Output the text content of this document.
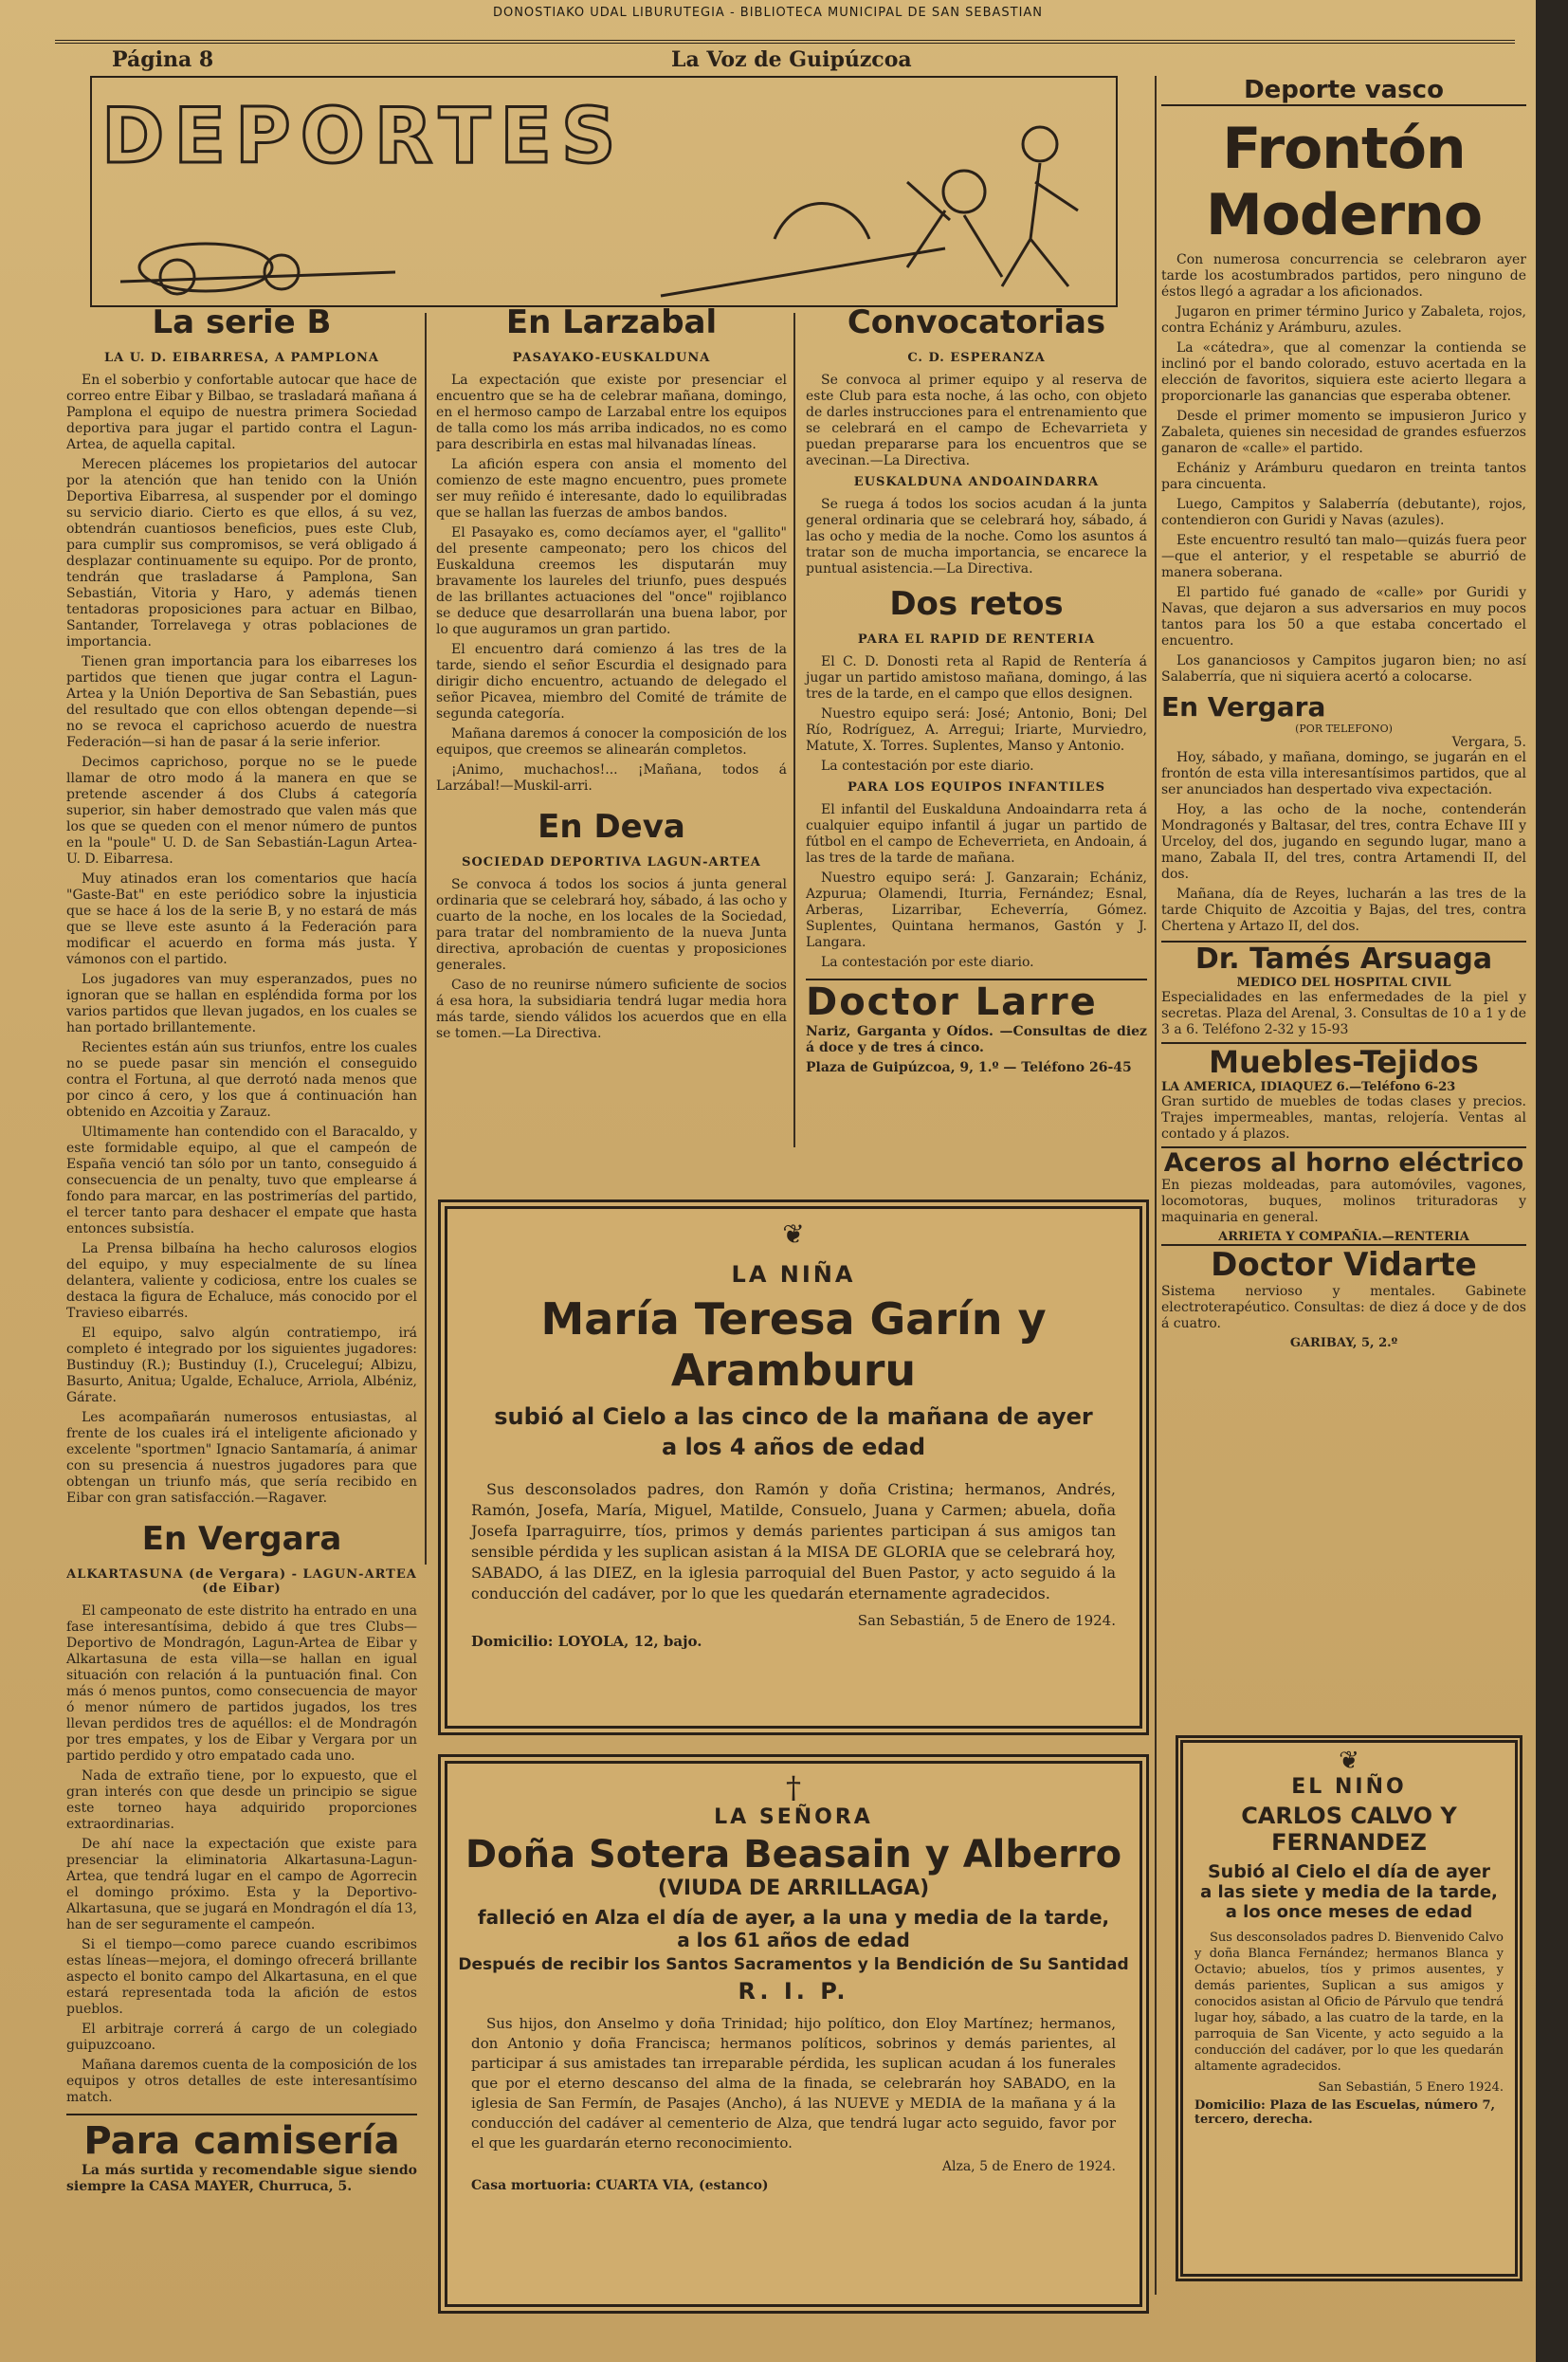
DONOSTIAKO UDAL LIBURUTEGIA - BIBLIOTECA MUNICIPAL DE SAN SEBASTIAN
Página 8	La Voz de Guipúzcoa
DEPORTES
La serie B
LA U. D. EIBARRESA, A PAMPLONA

En el soberbio y confortable autocar que hace de correo entre Eibar y Bilbao, se trasladará mañana á Pamplona el equipo de nuestra primera Sociedad deportiva para jugar el partido contra el Lagun-Artea, de aquella capital.

Merecen plácemes los propietarios del autocar por la atención que han tenido con la Unión Deportiva Eibarresa, al suspender por el domingo su servicio diario. Cierto es que ellos, á su vez, obtendrán cuantiosos beneficios, pues este Club, para cumplir sus compromisos, se verá obligado á desplazar continuamente su equipo. Por de pronto, tendrán que trasladarse á Pamplona, San Sebastián, Vitoria y Haro, y además tienen tentadoras proposiciones para actuar en Bilbao, Santander, Torrelavega y otras poblaciones de importancia.

Tienen gran importancia para los eibarreses los partidos que tienen que jugar contra el Lagun-Artea y la Unión Deportiva de San Sebastián, pues del resultado que con ellos obtengan depende—si no se revoca el caprichoso acuerdo de nuestra Federación—si han de pasar á la serie inferior.

Decimos caprichoso, porque no se le puede llamar de otro modo á la manera en que se pretende ascender á dos Clubs á categoría superior, sin haber demostrado que valen más que los que se queden con el menor número de puntos en la "poule" U. D. de San Sebastián-Lagun Artea-U. D. Eibarresa.

Muy atinados eran los comentarios que hacía "Gaste-Bat" en este periódico sobre la injusticia que se hace á los de la serie B, y no estará de más que se lleve este asunto á la Federación para modificar el acuerdo en forma más justa. Y vámonos con el partido.

Los jugadores van muy esperanzados, pues no ignoran que se hallan en espléndida forma por los varios partidos que llevan jugados, en los cuales se han portado brillantemente.

Recientes están aún sus triunfos, entre los cuales no se puede pasar sin mención el conseguido contra el Fortuna, al que derrotó nada menos que por cinco á cero, y los que á continuación han obtenido en Azcoitia y Zarauz.

Ultimamente han contendido con el Baracaldo, y este formidable equipo, al que el campeón de España venció tan sólo por un tanto, conseguido á consecuencia de un penalty, tuvo que emplearse á fondo para marcar, en las postrimerías del partido, el tercer tanto para deshacer el empate que hasta entonces subsistía.

La Prensa bilbaína ha hecho calurosos elogios del equipo, y muy especialmente de su línea delantera, valiente y codiciosa, entre los cuales se destaca la figura de Echaluce, más conocido por el Travieso eibarrés.

El equipo, salvo algún contratiempo, irá completo é integrado por los siguientes jugadores: Bustinduy (R.); Bustinduy (I.), Cruceleguí; Albizu, Basurto, Anitua; Ugalde, Echaluce, Arriola, Albéniz, Gárate.

Les acompañarán numerosos entusiastas, al frente de los cuales irá el inteligente aficionado y excelente "sportmen" Ignacio Santamaría, á animar con su presencia á nuestros jugadores para que obtengan un triunfo más, que sería recibido en Eibar con gran satisfacción.—Ragaver.

En Vergara
ALKARTASUNA (de Vergara) - LAGUN-ARTEA (de Eibar)

El campeonato de este distrito ha entrado en una fase interesantísima, debido á que tres Clubs—Deportivo de Mondragón, Lagun-Artea de Eibar y Alkartasuna de esta villa—se hallan en igual situación con relación á la puntuación final. Con más ó menos puntos, como consecuencia de mayor ó menor número de partidos jugados, los tres llevan perdidos tres de aquéllos: el de Mondragón por tres empates, y los de Eibar y Vergara por un partido perdido y otro empatado cada uno.

Nada de extraño tiene, por lo expuesto, que el gran interés con que desde un principio se sigue este torneo haya adquirido proporciones extraordinarias.

De ahí nace la expectación que existe para presenciar la eliminatoria Alkartasuna-Lagun-Artea, que tendrá lugar en el campo de Agorrecin el domingo próximo. Esta y la Deportivo-Alkartasuna, que se jugará en Mondragón el día 13, han de ser seguramente el campeón.

Si el tiempo—como parece cuando escribimos estas líneas—mejora, el domingo ofrecerá brillante aspecto el bonito campo del Alkartasuna, en el que estará representada toda la afición de estos pueblos.

El arbitraje correrá á cargo de un colegiado guipuzcoano.

Mañana daremos cuenta de la composición de los equipos y otros detalles de este interesantísimo match.

Para camisería

La más surtida y recomendable sigue siendo siempre la CASA MAYER, Churruca, 5.

En Larzabal
PASAYAKO-EUSKALDUNA

La expectación que existe por presenciar el encuentro que se ha de celebrar mañana, domingo, en el hermoso campo de Larzabal entre los equipos de talla como los más arriba indicados, no es como para describirla en estas mal hilvanadas líneas.

La afición espera con ansia el momento del comienzo de este magno encuentro, pues promete ser muy reñido é interesante, dado lo equilibradas que se hallan las fuerzas de ambos bandos.

El Pasayako es, como decíamos ayer, el "gallito" del presente campeonato; pero los chicos del Euskalduna creemos les disputarán muy bravamente los laureles del triunfo, pues después de las brillantes actuaciones del "once" rojiblanco se deduce que desarrollarán una buena labor, por lo que auguramos un gran partido.

El encuentro dará comienzo á las tres de la tarde, siendo el señor Escurdia el designado para dirigir dicho encuentro, actuando de delegado el señor Picavea, miembro del Comité de trámite de segunda categoría.

Mañana daremos á conocer la composición de los equipos, que creemos se alinearán completos.

¡Animo, muchachos!... ¡Mañana, todos á Larzábal!—Muskil-arri.

En Deva
SOCIEDAD DEPORTIVA LAGUN-ARTEA

Se convoca á todos los socios á junta general ordinaria que se celebrará hoy, sábado, á las ocho y cuarto de la noche, en los locales de la Sociedad, para tratar del nombramiento de la nueva Junta directiva, aprobación de cuentas y proposiciones generales.

Caso de no reunirse número suficiente de socios á esa hora, la subsidiaria tendrá lugar media hora más tarde, siendo válidos los acuerdos que en ella se tomen.—La Directiva.

Convocatorias
C. D. ESPERANZA

Se convoca al primer equipo y al reserva de este Club para esta noche, á las ocho, con objeto de darles instrucciones para el entrenamiento que se celebrará en el campo de Echevarrieta y puedan prepararse para los encuentros que se avecinan.—La Directiva.

EUSKALDUNA ANDOAINDARRA

Se ruega á todos los socios acudan á la junta general ordinaria que se celebrará hoy, sábado, á las ocho y media de la noche. Como los asuntos á tratar son de mucha importancia, se encarece la puntual asistencia.—La Directiva.

Dos retos
PARA EL RAPID DE RENTERIA

El C. D. Donosti reta al Rapid de Rentería á jugar un partido amistoso mañana, domingo, á las tres de la tarde, en el campo que ellos designen.

Nuestro equipo será: José; Antonio, Boni; Del Río, Rodríguez, A. Arregui; Iriarte, Murviedro, Matute, X. Torres. Suplentes, Manso y Antonio.

La contestación por este diario.

PARA LOS EQUIPOS INFANTILES

El infantil del Euskalduna Andoaindarra reta á cualquier equipo infantil á jugar un partido de fútbol en el campo de Echeverrieta, en Andoain, á las tres de la tarde de mañana.

Nuestro equipo será: J. Ganzarain; Echániz, Azpurua; Olamendi, Iturria, Fernández; Esnal, Arberas, Lizarribar, Echeverría, Gómez. Suplentes, Quintana hermanos, Gastón y J. Langara.

La contestación por este diario.

Doctor Larre

Nariz, Garganta y Oídos. —Consultas de diez á doce y de tres á cinco.

Plaza de Guipúzcoa, 9, 1.º — Teléfono 26-45

❦
LA NIÑA
María Teresa Garín y Aramburu
subió al Cielo a las cinco de la mañana de ayer
a los 4 años de edad

Sus desconsolados padres, don Ramón y doña Cristina; hermanos, Andrés, Ramón, Josefa, María, Miguel, Matilde, Consuelo, Juana y Carmen; abuela, doña Josefa Iparraguirre, tíos, primos y demás parientes participan á sus amigos tan sensible pérdida y les suplican asistan á la MISA DE GLORIA que se celebrará hoy, SABADO, á las DIEZ, en la iglesia parroquial del Buen Pastor, y acto seguido á la conducción del cadáver, por lo que les quedarán eternamente agradecidos.

San Sebastián, 5 de Enero de 1924.
Domicilio: LOYOLA, 12, bajo.
†
LA SEÑORA
Doña Sotera Beasain y Alberro
(VIUDA DE ARRILLAGA)
falleció en Alza el día de ayer, a la una y media de la tarde,
a los 61 años de edad
Después de recibir los Santos Sacramentos y la Bendición de Su Santidad
R. I. P.

Sus hijos, don Anselmo y doña Trinidad; hijo político, don Eloy Martínez; hermanos, don Antonio y doña Francisca; hermanos políticos, sobrinos y demás parientes, al participar á sus amistades tan irreparable pérdida, les suplican acudan á los funerales que por el eterno descanso del alma de la finada, se celebrarán hoy SABADO, en la iglesia de San Fermín, de Pasajes (Ancho), á las NUEVE y MEDIA de la mañana y á la conducción del cadáver al cementerio de Alza, que tendrá lugar acto seguido, favor por el que les guardarán eterno reconocimiento.

Alza, 5 de Enero de 1924.
Casa mortuoria: CUARTA VIA, (estanco)
Deporte vasco
Frontón Moderno

Con numerosa concurrencia se celebraron ayer tarde los acostumbrados partidos, pero ninguno de éstos llegó a agradar a los aficionados.

Jugaron en primer término Jurico y Zabaleta, rojos, contra Echániz y Arámburu, azules.

La «cátedra», que al comenzar la contienda se inclinó por el bando colorado, estuvo acertada en la elección de favoritos, siquiera este acierto llegara a proporcionarle las ganancias que esperaba obtener.

Desde el primer momento se impusieron Jurico y Zabaleta, quienes sin necesidad de grandes esfuerzos ganaron de «calle» el partido.

Echániz y Arámburu quedaron en treinta tantos para cincuenta.

Luego, Campitos y Salaberría (debutante), rojos, contendieron con Guridi y Navas (azules).

Este encuentro resultó tan malo—quizás fuera peor—que el anterior, y el respetable se aburrió de manera soberana.

El partido fué ganado de «calle» por Guridi y Navas, que dejaron a sus adversarios en muy pocos tantos para los 50 a que estaba concertado el encuentro.

Los gananciosos y Campitos jugaron bien; no así Salaberría, que ni siquiera acertó a colocarse.

En Vergara
(POR TELEFONO)
Vergara, 5.

Hoy, sábado, y mañana, domingo, se jugarán en el frontón de esta villa interesantísimos partidos, que al ser anunciados han despertado viva expectación.

Hoy, a las ocho de la noche, contenderán Mondragonés y Baltasar, del tres, contra Echave III y Urceloy, del dos, jugando en segundo lugar, mano a mano, Zabala II, del tres, contra Artamendi II, del dos.

Mañana, día de Reyes, lucharán a las tres de la tarde Chiquito de Azcoitia y Bajas, del tres, contra Chertena y Artazo II, del dos.

Dr. Tamés Arsuaga
MEDICO DEL HOSPITAL CIVIL

Especialidades en las enfermedades de la piel y secretas. Plaza del Arenal, 3. Consultas de 10 a 1 y de 3 a 6. Teléfono 2-32 y 15-93

Muebles-Tejidos
LA AMERICA, IDIAQUEZ 6.—Teléfono 6-23

Gran surtido de muebles de todas clases y precios. Trajes impermeables, mantas, relojería. Ventas al contado y á plazos.

Aceros al horno eléctrico

En piezas moldeadas, para automóviles, vagones, locomotoras, buques, molinos trituradoras y maquinaria en general.

ARRIETA Y COMPAÑIA.—RENTERIA
Doctor Vidarte

Sistema nervioso y mentales. Gabinete electroterapéutico. Consultas: de diez á doce y de dos á cuatro.

GARIBAY, 5, 2.º
❦
EL NIÑO
CARLOS CALVO Y FERNANDEZ
Subió al Cielo el día de ayer
a las siete y media de la tarde,
a los once meses de edad

Sus desconsolados padres D. Bienvenido Calvo y doña Blanca Fernández; hermanos Blanca y Octavio; abuelos, tíos y primos ausentes, y demás parientes, Suplican a sus amigos y conocidos asistan al Oficio de Párvulo que tendrá lugar hoy, sábado, a las cuatro de la tarde, en la parroquia de San Vicente, y acto seguido a la conducción del cadáver, por lo que les quedarán altamente agradecidos.

San Sebastián, 5 Enero 1924.
Domicilio: Plaza de las Escuelas, número 7, tercero, derecha.
